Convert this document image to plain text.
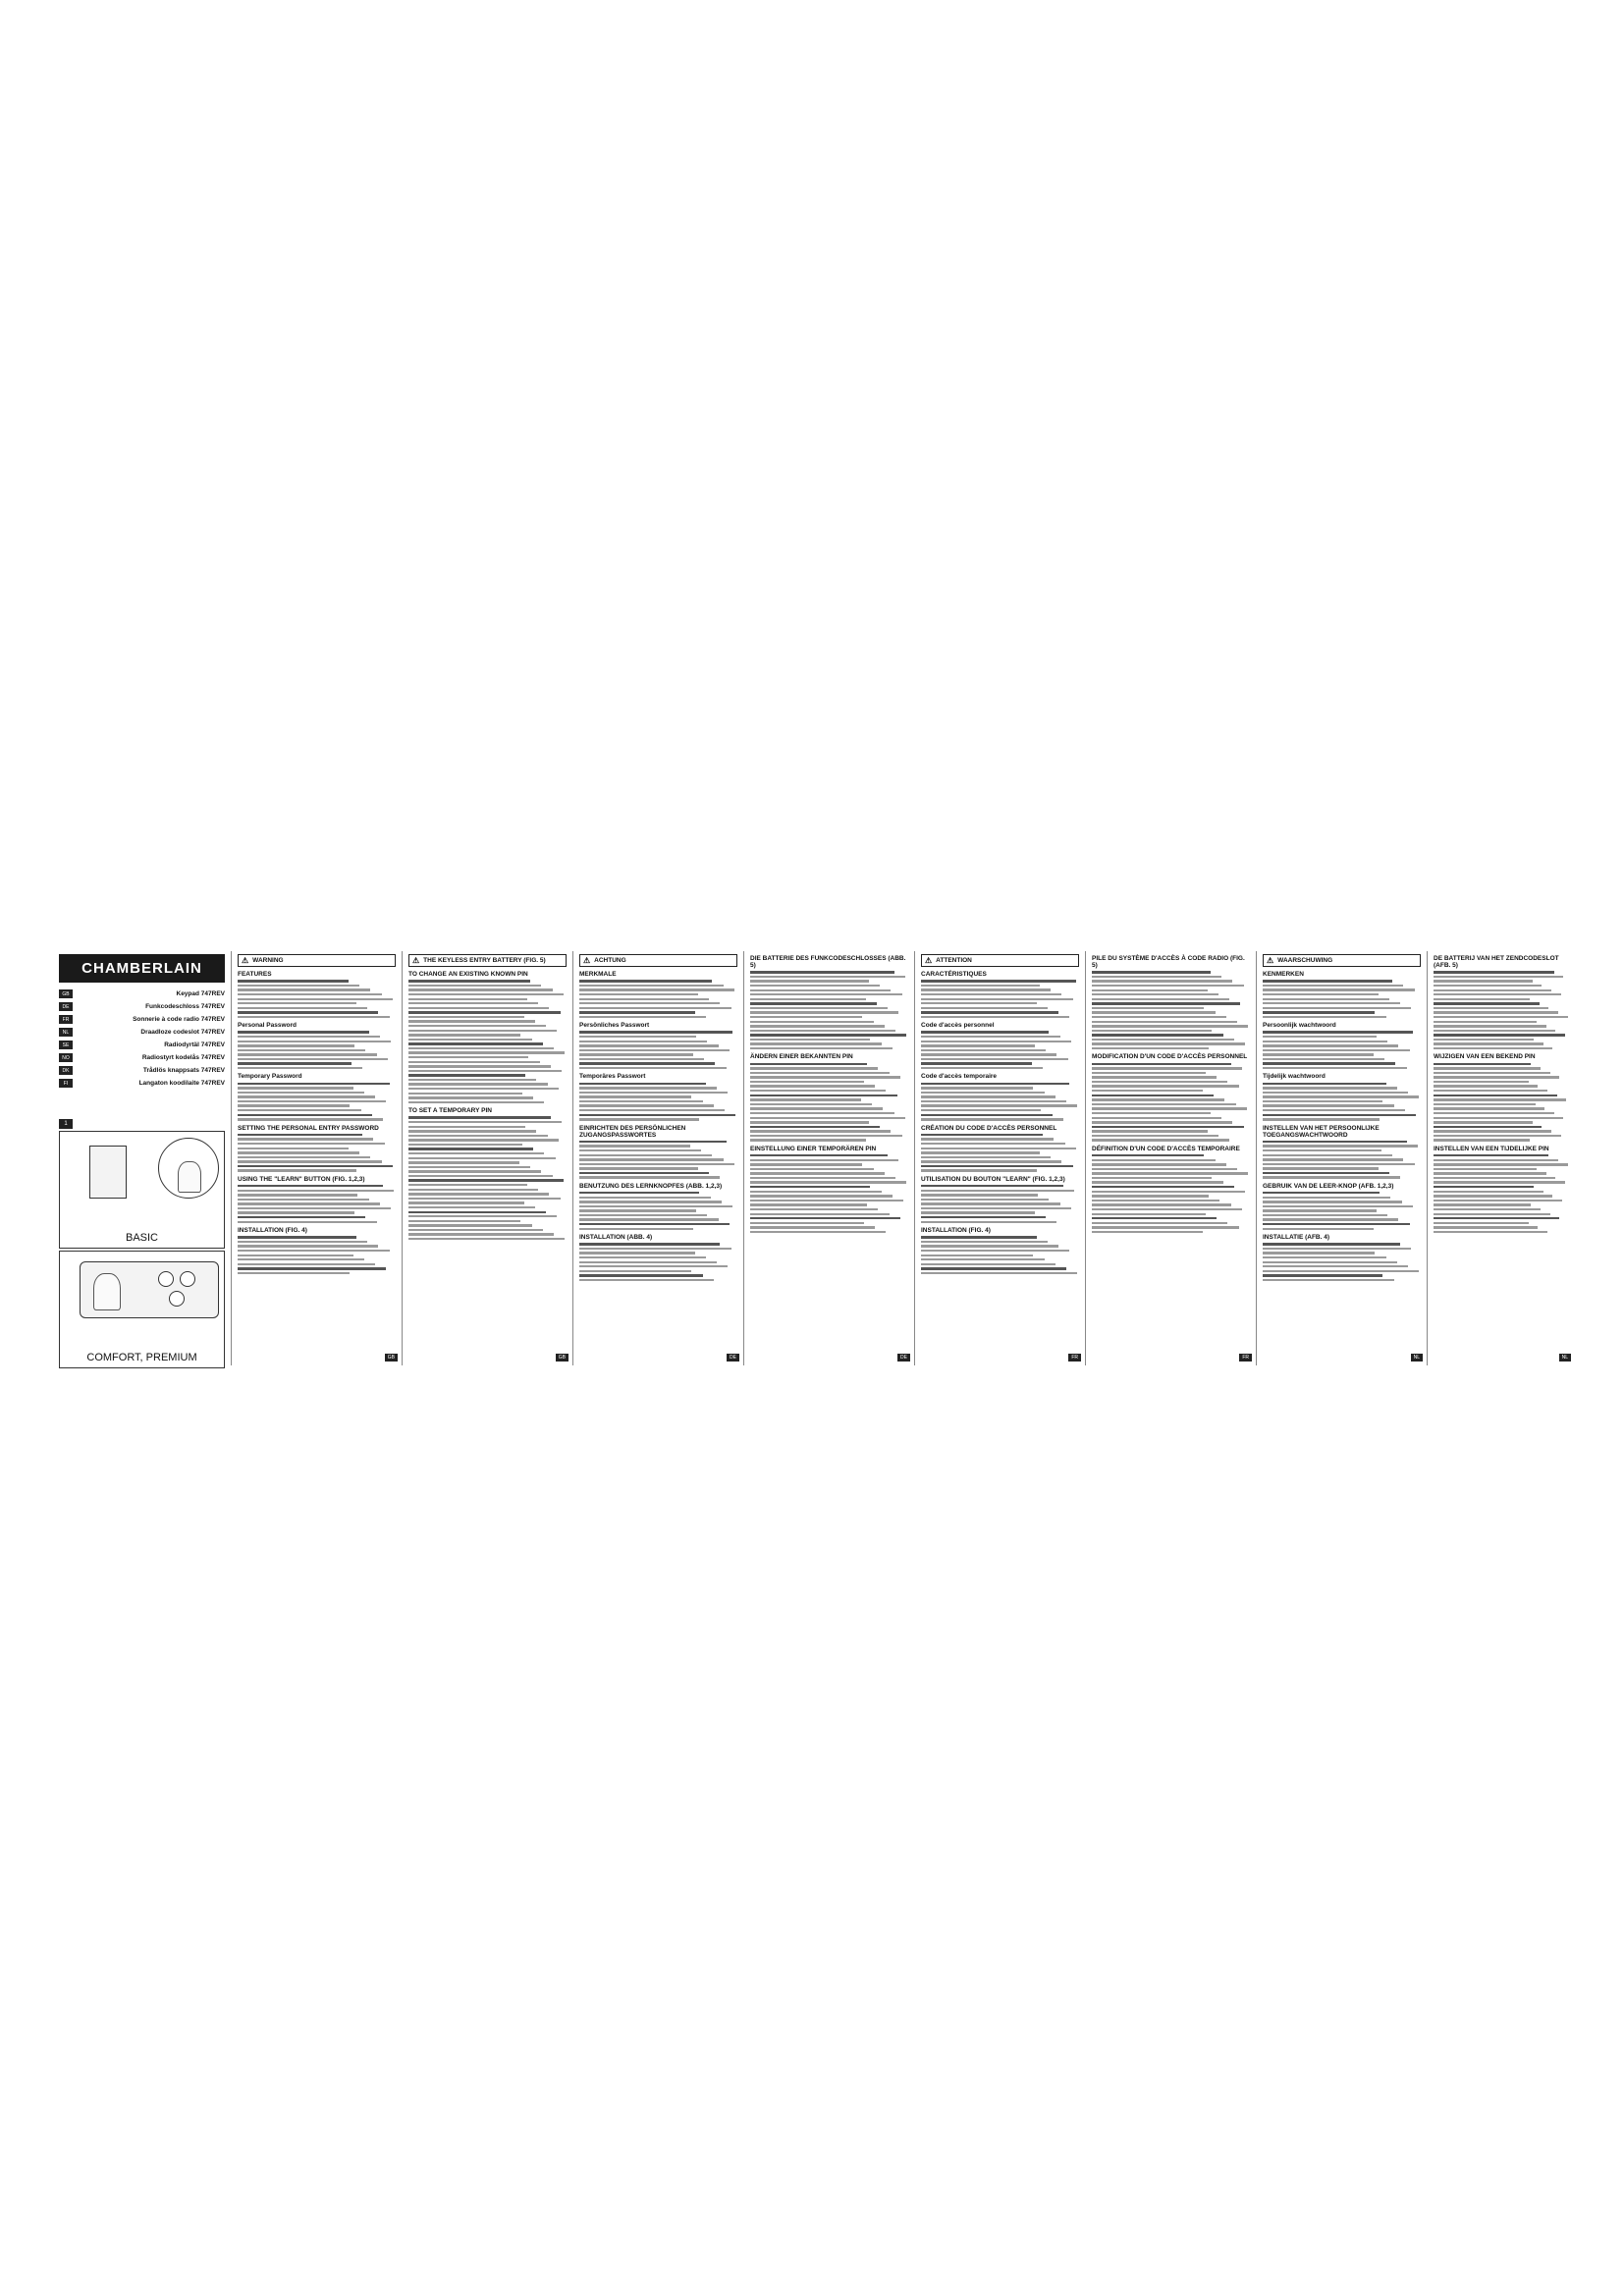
CHAMBERLAIN
GB	Keypad 747REV
DE	Funkcodeschloss 747REV
FR	Sonnerie à code radio 747REV
NL	Draadloze codeslot 747REV
SE	Radiodyrtäl 747REV
NO	Radiostyrt kodelås 747REV
DK	Trådlös knappsats 747REV
FI	Langaton koodilaite 747REV
1
BASIC
COMFORT, PREMIUM
⚠ WARNING
FEATURES
Personal Password
Temporary Password
SETTING THE PERSONAL ENTRY PASSWORD
USING THE "LEARN" BUTTON (FIG. 1,2,3)
INSTALLATION (FIG. 4)
GB
⚠ THE KEYLESS ENTRY BATTERY (FIG. 5)
TO CHANGE AN EXISTING KNOWN PIN
TO SET A TEMPORARY PIN
GB
⚠ ACHTUNG
MERKMALE
Persönliches Passwort
Temporäres Passwort
EINRICHTEN DES PERSÖNLICHEN ZUGANGSPASSWORTES
BENUTZUNG DES LERNKNOPFES (ABB. 1,2,3)
INSTALLATION (ABB. 4)
DE
DIE BATTERIE DES FUNKCODESCHLOSSES (ABB. 5)
ÄNDERN EINER BEKANNTEN PIN
EINSTELLUNG EINER TEMPORÄREN PIN
DE
⚠ ATTENTION
CARACTÉRISTIQUES
Code d'accès personnel
Code d'accès temporaire
CRÉATION DU CODE D'ACCÈS PERSONNEL
UTILISATION DU BOUTON "LEARN" (FIG. 1,2,3)
INSTALLATION (FIG. 4)
FR
PILE DU SYSTÈME D'ACCÈS À CODE RADIO (FIG. 5)
MODIFICATION D'UN CODE D'ACCÈS PERSONNEL
DÉFINITION D'UN CODE D'ACCÈS TEMPORAIRE
FR
⚠ WAARSCHUWING
KENMERKEN
Persoonlijk wachtwoord
Tijdelijk wachtwoord
INSTELLEN VAN HET PERSOONLIJKE TOEGANGSWACHTWOORD
GEBRUIK VAN DE LEER-KNOP (AFB. 1,2,3)
INSTALLATIE (AFB. 4)
NL
DE BATTERIJ VAN HET ZENDCODESLOT (AFB. 5)
WIJZIGEN VAN EEN BEKEND PIN
INSTELLEN VAN EEN TIJDELIJKE PIN
NL
